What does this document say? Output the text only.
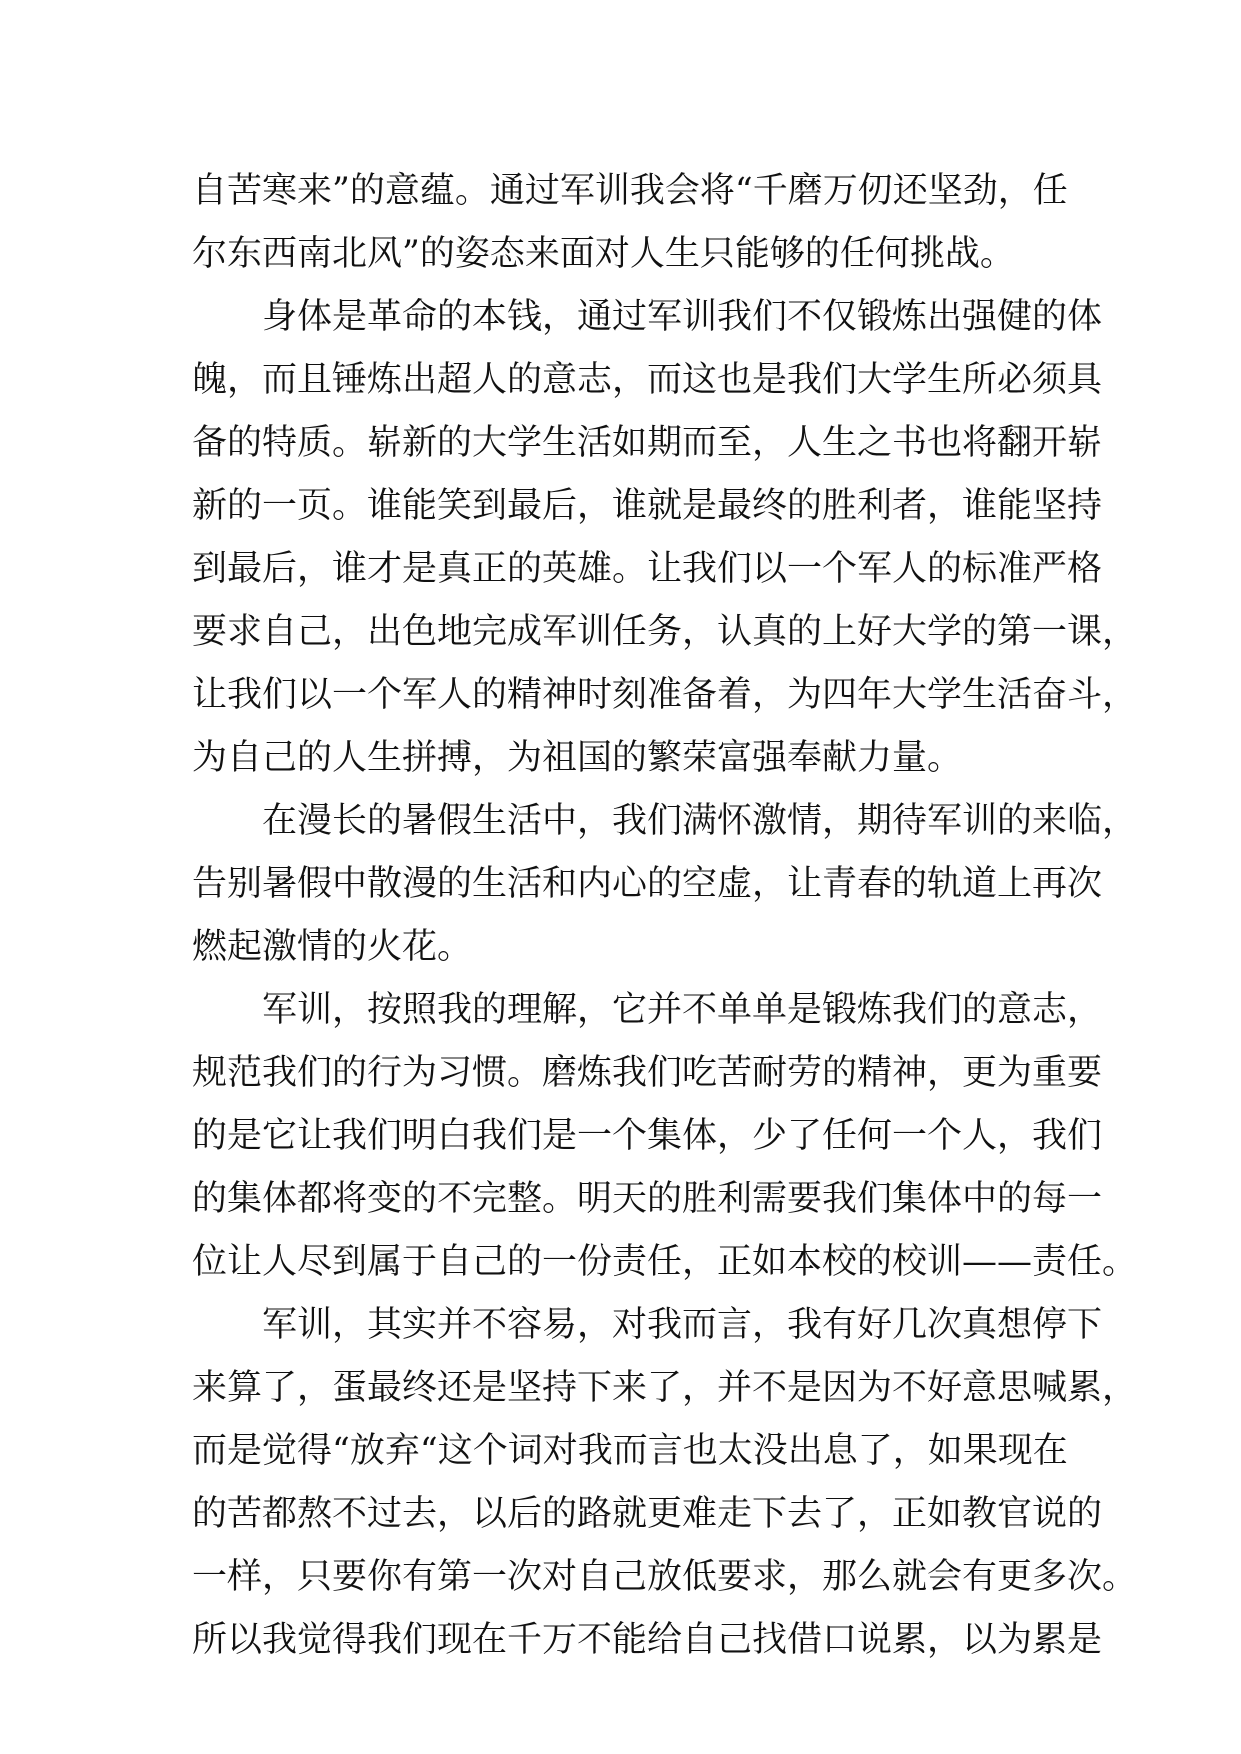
自苦寒来”的意蕴。通过军训我会将“千磨万仞还坚劲，任
尔东西南北风”的姿态来面对人生只能够的任何挑战。
身体是革命的本钱，通过军训我们不仅锻炼出强健的体
魄，而且锤炼出超人的意志，而这也是我们大学生所必须具
备的特质。崭新的大学生活如期而至，人生之书也将翻开崭
新的一页。谁能笑到最后，谁就是最终的胜利者，谁能坚持
到最后，谁才是真正的英雄。让我们以一个军人的标准严格
要求自己，出色地完成军训任务，认真的上好大学的第一课，
让我们以一个军人的精神时刻准备着，为四年大学生活奋斗，
为自己的人生拼搏，为祖国的繁荣富强奉献力量。
在漫长的暑假生活中，我们满怀激情，期待军训的来临，
告别暑假中散漫的生活和内心的空虚，让青春的轨道上再次
燃起激情的火花。
军训，按照我的理解，它并不单单是锻炼我们的意志，
规范我们的行为习惯。磨炼我们吃苦耐劳的精神，更为重要
的是它让我们明白我们是一个集体，少了任何一个人，我们
的集体都将变的不完整。明天的胜利需要我们集体中的每一
位让人尽到属于自己的一份责任，正如本校的校训——责任。
军训，其实并不容易，对我而言，我有好几次真想停下
来算了，蛋最终还是坚持下来了，并不是因为不好意思喊累，
而是觉得“放弃“这个词对我而言也太没出息了，如果现在
的苦都熬不过去，以后的路就更难走下去了，正如教官说的
一样，只要你有第一次对自己放低要求，那么就会有更多次。
所以我觉得我们现在千万不能给自己找借口说累，以为累是
